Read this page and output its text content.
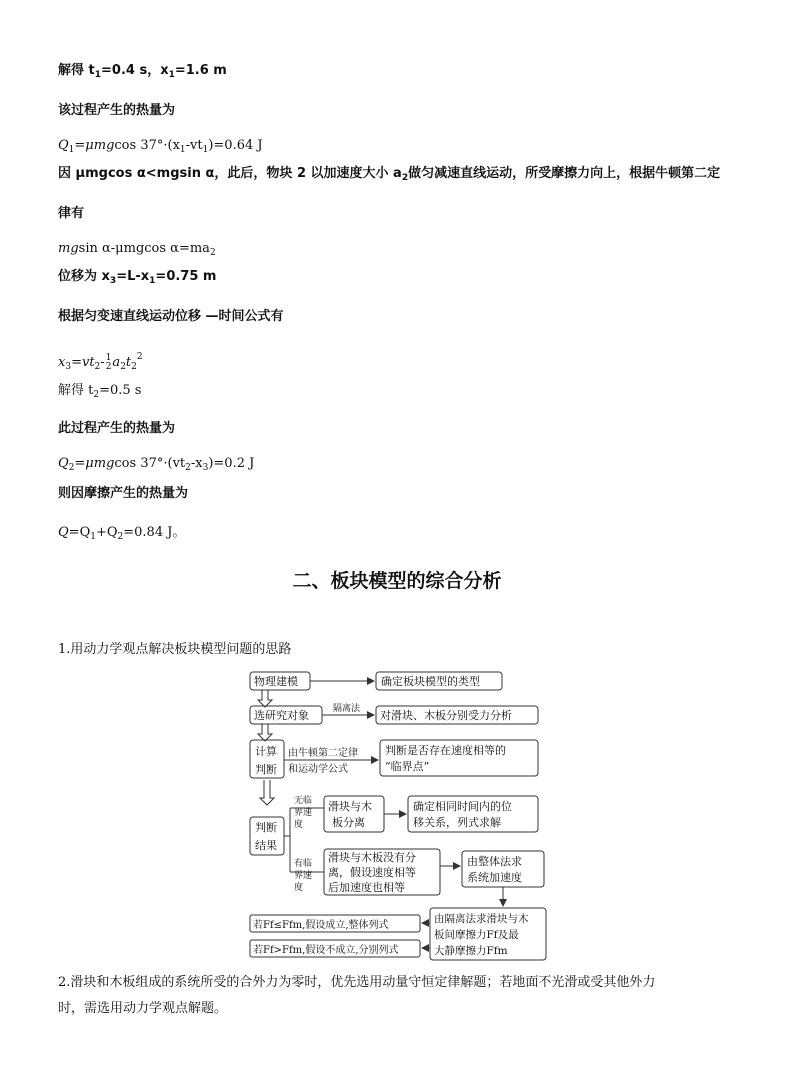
解得 $t_1=0.4$ s，$x_1=1.6$ m
该过程产生的热量为
$Q_1=\mu mgcos$ $37^\circ\cdot(x_1-vt_1)=0.64$ J
因 μmgcos α<mgsin α，此后，物块 2 以加速度大小 $a_2$做匀减速直线运动，所受摩擦力向上，根据牛顿第二定
律有
mgsin α-μmgcos $\alpha=ma_2$
位移为 $x_3=L-x_1=0.75$ m
根据匀变速直线运动位移 —时间公式有
$x_3=vt_2-$ 1
2 $a_2t_2^2$
解得 $t_2=0.5$ s
此过程产生的热量为
$Q_2=\mu mgcos$ $37^\circ\cdot(vt_2-x_3)=0.2$ J
则因摩擦产生的热量为
$Q=Q_1+Q_2=0.84$ J。
二、板块模型的综合分析
1.用动力学观点解决板块模型问题的思路
物理建模	确定板块模型的类型
选研究对象	隔离法 对滑块、木板分别受力分析
计算
判断
由牛顿第二定律
和运动学公式
判断是否存在速度相等的
“临界点”
无临
界速
度
滑块与木
板分离
确定相同时间内的位
移关系，列式求解
判断
结果
有临
界速
度
滑块与木板没有分
离，假设速度相等
后加速度也相等
由整体法求
系统加速度
若Ff≤Ffm,假设成立,整体列式
若Ff>Ffm,假设不成立,分别列式
由隔离法求滑块与木
板间摩擦力Ff及最
大静摩擦力Ffm
2.滑块和木板组成的系统所受的合外力为零时，优先选用动量守恒定律解题；若地面不光滑或受其他外力
时，需选用动力学观点解题。
